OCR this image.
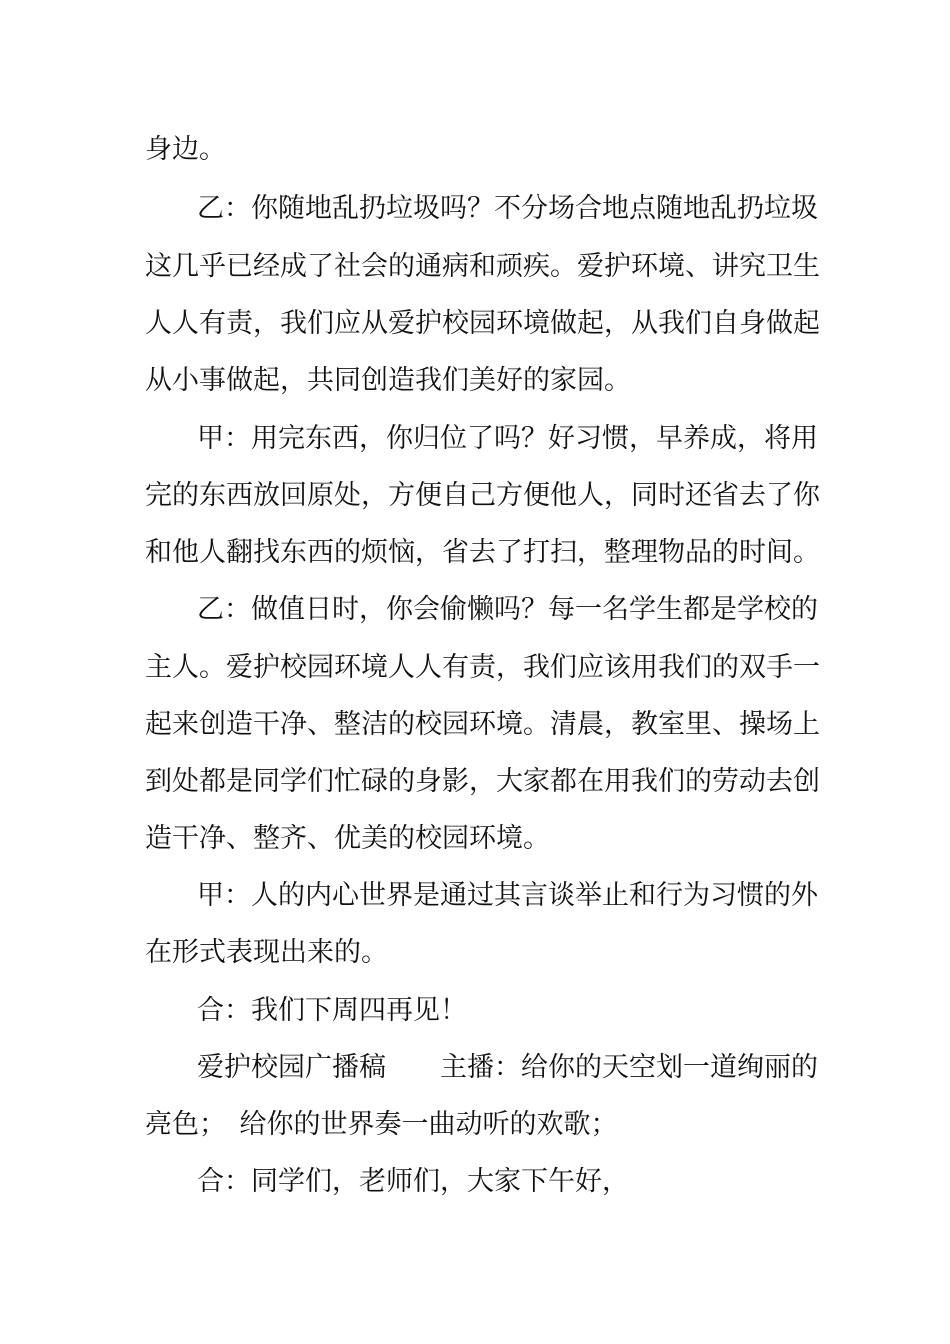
身边。
乙：你随地乱扔垃圾吗？不分场合地点随地乱扔垃圾
这几乎已经成了社会的通病和顽疾。爱护环境、讲究卫生
人人有责，我们应从爱护校园环境做起，从我们自身做起
从小事做起，共同创造我们美好的家园。
甲：用完东西，你归位了吗？好习惯，早养成，将用
完的东西放回原处，方便自己方便他人，同时还省去了你
和他人翻找东西的烦恼，省去了打扫，整理物品的时间。
乙：做值日时，你会偷懒吗？每一名学生都是学校的
主人。爱护校园环境人人有责，我们应该用我们的双手一
起来创造干净、整洁的校园环境。清晨，教室里、操场上
到处都是同学们忙碌的身影，大家都在用我们的劳动去创
造干净、整齐、优美的校园环境。
甲：人的内心世界是通过其言谈举止和行为习惯的外
在形式表现出来的。
合：我们下周四再见！
爱护校园广播稿　　主播：给你的天空划一道绚丽的
亮色；　给你的世界奏一曲动听的欢歌；
合：同学们，老师们，大家下午好，
